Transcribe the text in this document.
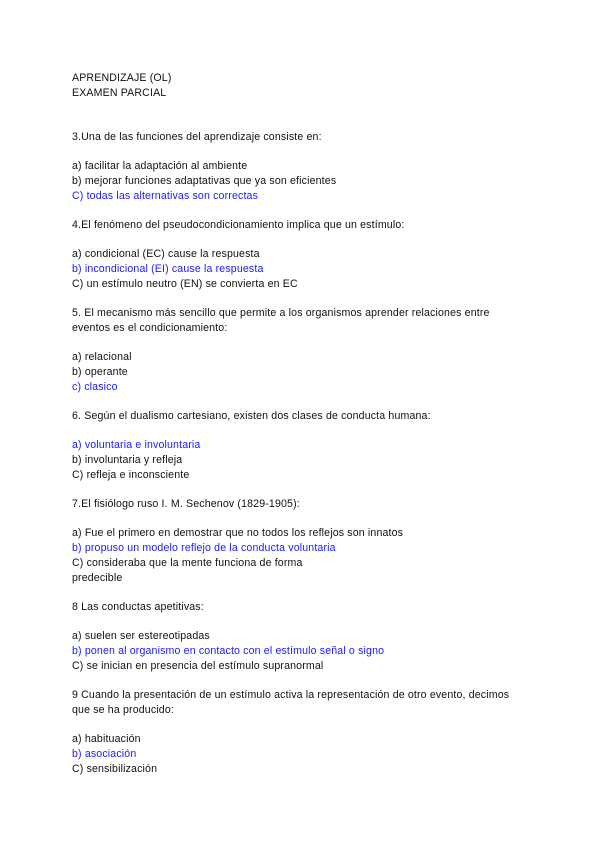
APRENDIZAJE (OL)
EXAMEN PARCIAL
3.Una de las funciones del aprendizaje consiste en:
a) facilitar la adaptación al ambiente
b) mejorar funciones adaptativas que ya son eficientes
C) todas las alternativas son correctas
4.El fenómeno del pseudocondicionamiento implica que un estímulo:
a) condicional (EC) cause la respuesta
b) incondicional (EI) cause la respuesta
C) un estímulo neutro (EN) se convierta en EC
5. El mecanismo más sencillo que permite a los organismos aprender relaciones entre
eventos es el condicionamiento:
a) relacional
b) operante
c) clasico
6. Según el dualismo cartesiano, existen dos clases de conducta humana:
a) voluntaria e involuntaria
b) involuntaria y refleja
C) refleja e inconsciente
7.El fisiólogo ruso I. M. Sechenov (1829-1905):
a) Fue el primero en demostrar que no todos los reflejos son innatos
b) propuso un modelo reflejo de la conducta voluntaria
C) consideraba que la mente funciona de forma
predecible
8 Las conductas apetitivas:
a) suelen ser estereotipadas
b) ponen al organismo en contacto con el estímulo señal o signo
C) se inician en presencia del estímulo supranormal
9 Cuando la presentación de un estímulo activa la representación de otro evento, decimos
que se ha producido:
a) habituación
b) asociación
C) sensibilización
